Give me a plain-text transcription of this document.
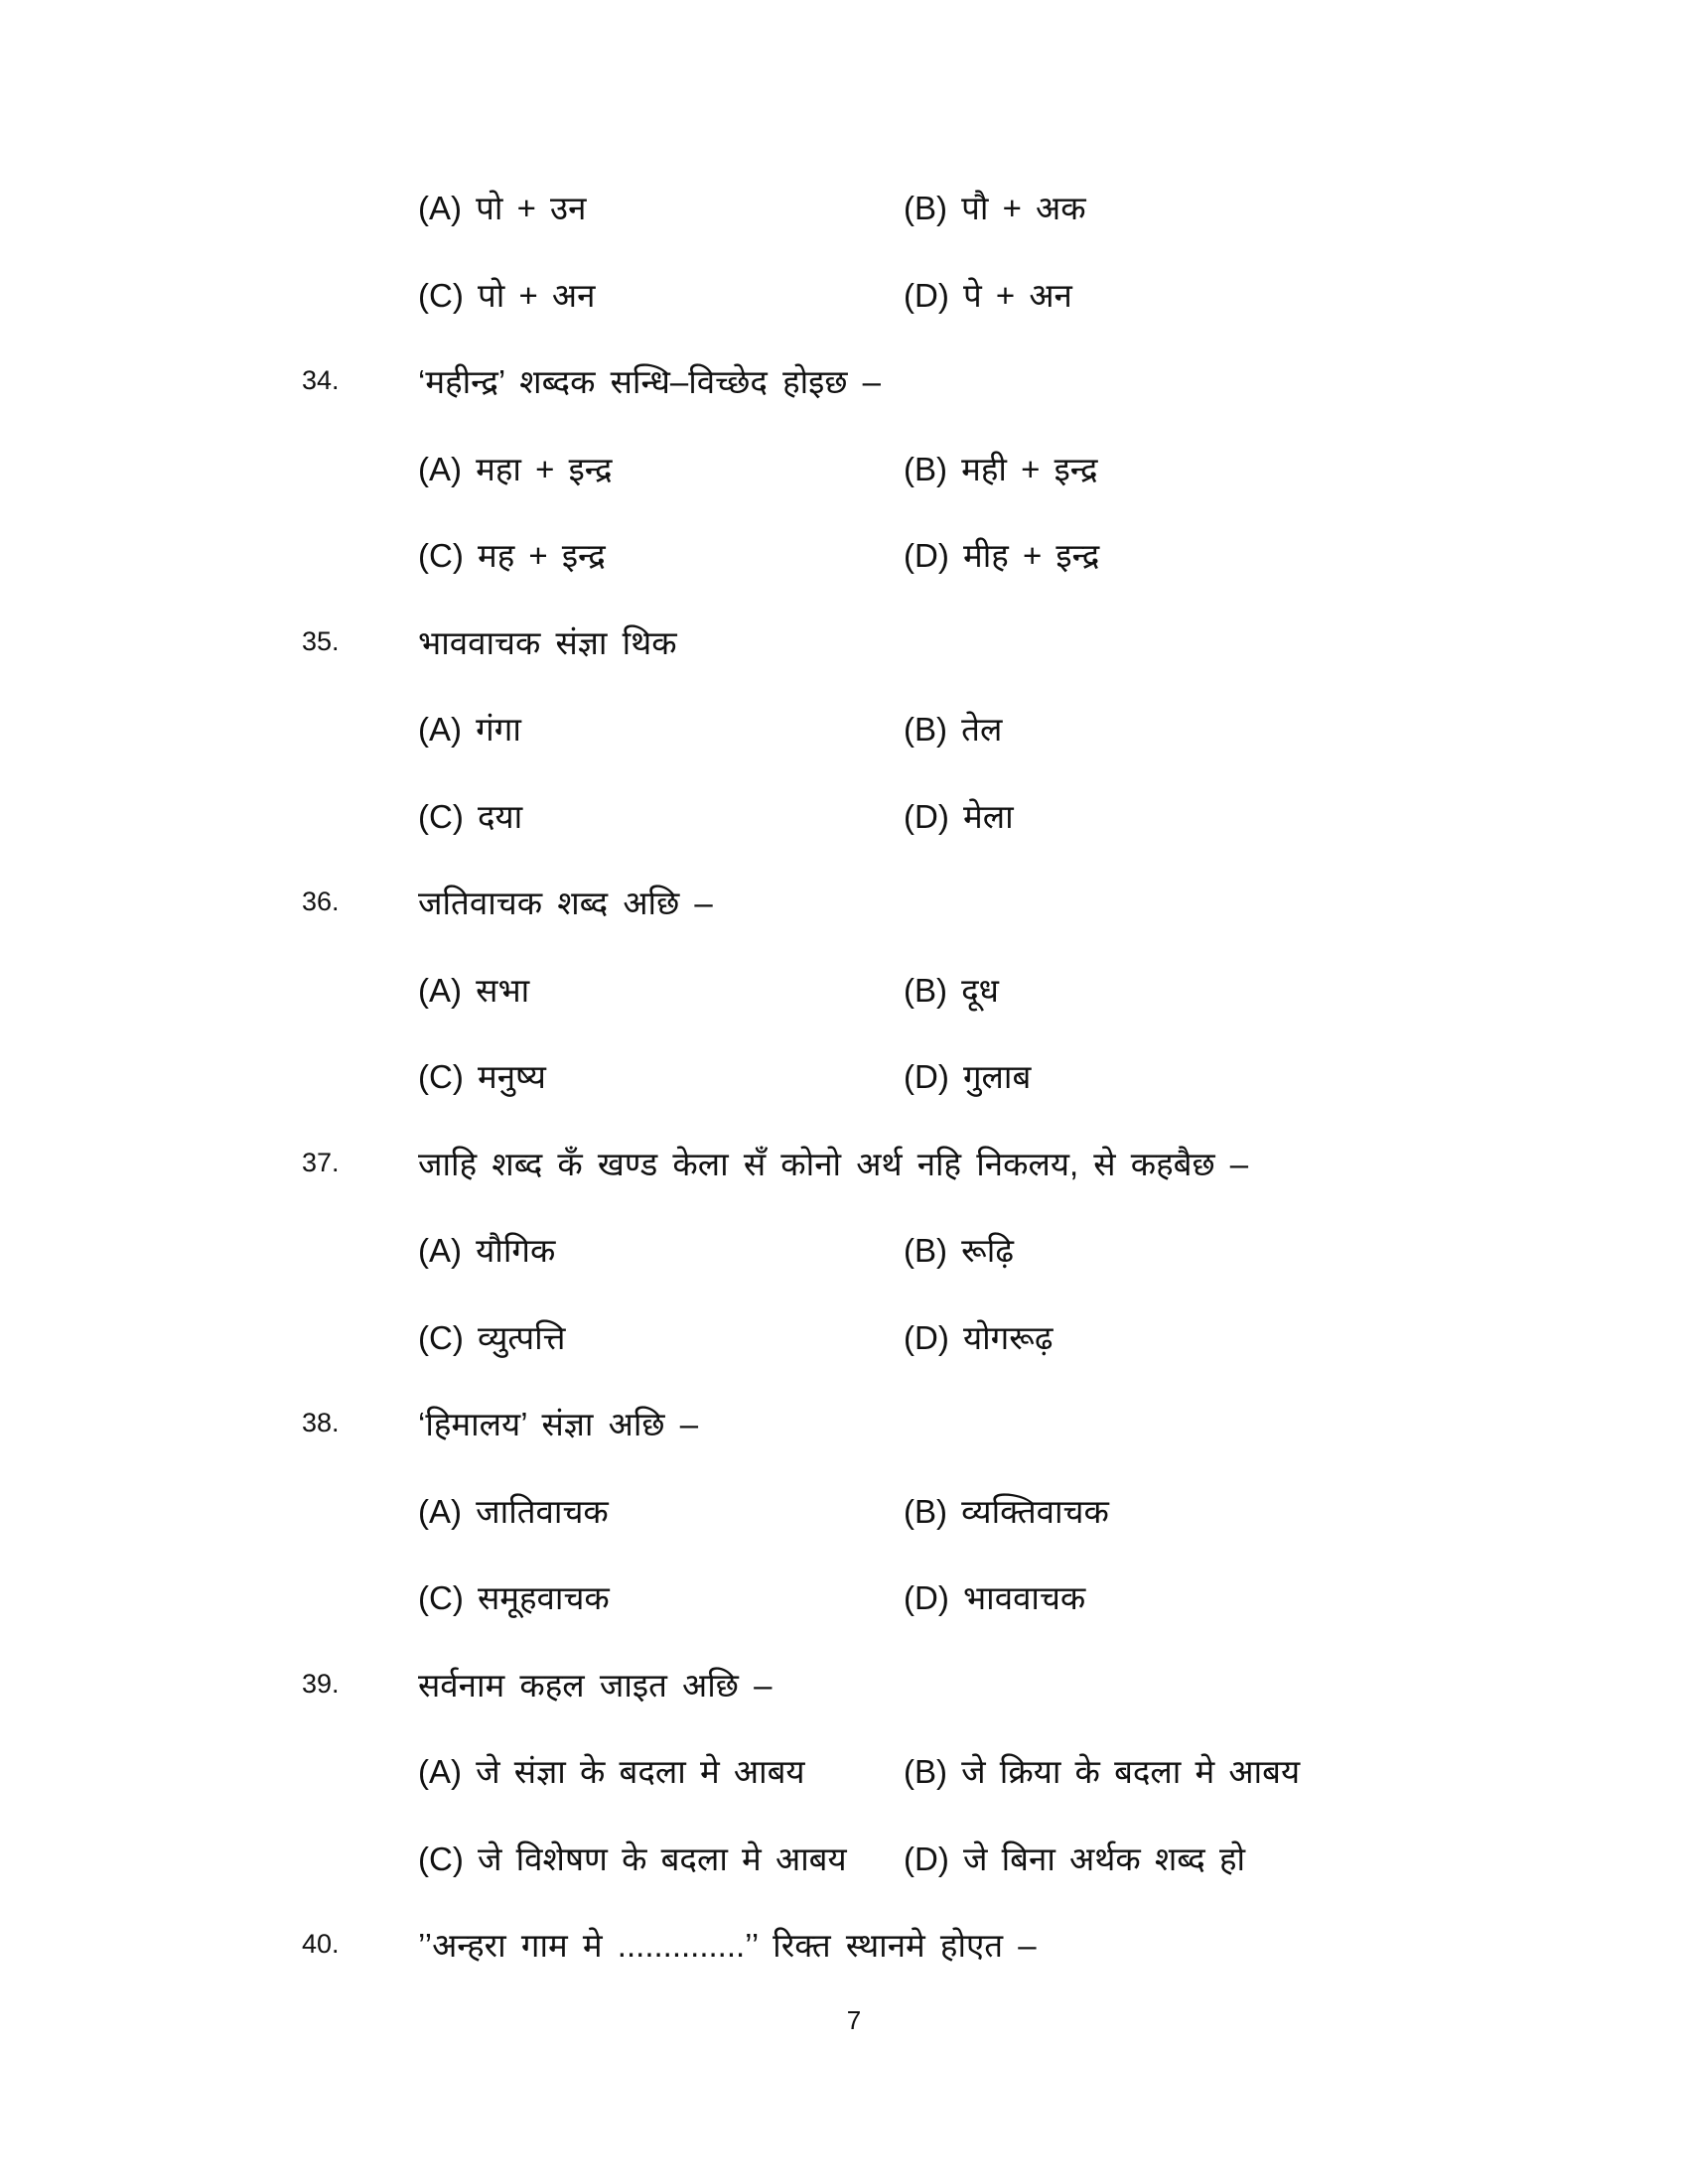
(A) पो + उन	(B) पौ + अक
(C) पो + अन	(D) पे + अन
34. ‘महीन्द्र’ शब्दक सन्धि–विच्छेद होइछ –
(A) महा + इन्द्र	(B) मही + इन्द्र
(C) मह + इन्द्र	(D) मीह + इन्द्र
35. भाववाचक संज्ञा थिक
(A) गंगा	(B) तेल
(C) दया	(D) मेला
36. जतिवाचक शब्द अछि –
(A) सभा	(B) दूध
(C) मनुष्य	(D) गुलाब
37. जाहि शब्द कँ खण्ड केला सँ कोनो अर्थ नहि निकलय, से कहबैछ –
(A) यौगिक	(B) रूढ़ि
(C) व्युत्पत्ति	(D) योगरूढ़
38. ‘हिमालय’ संज्ञा अछि –
(A) जातिवाचक	(B) व्यक्तिवाचक
(C) समूहवाचक	(D) भाववाचक
39. सर्वनाम कहल जाइत अछि –
(A) जे संज्ञा के बदला मे आबय	(B) जे क्रिया के बदला मे आबय
(C) जे विशेषण के बदला मे आबय (D) जे बिना अर्थक शब्द हो
40. ’’अन्हरा गाम मे ..............’’ रिक्त स्थानमे होएत –
7
